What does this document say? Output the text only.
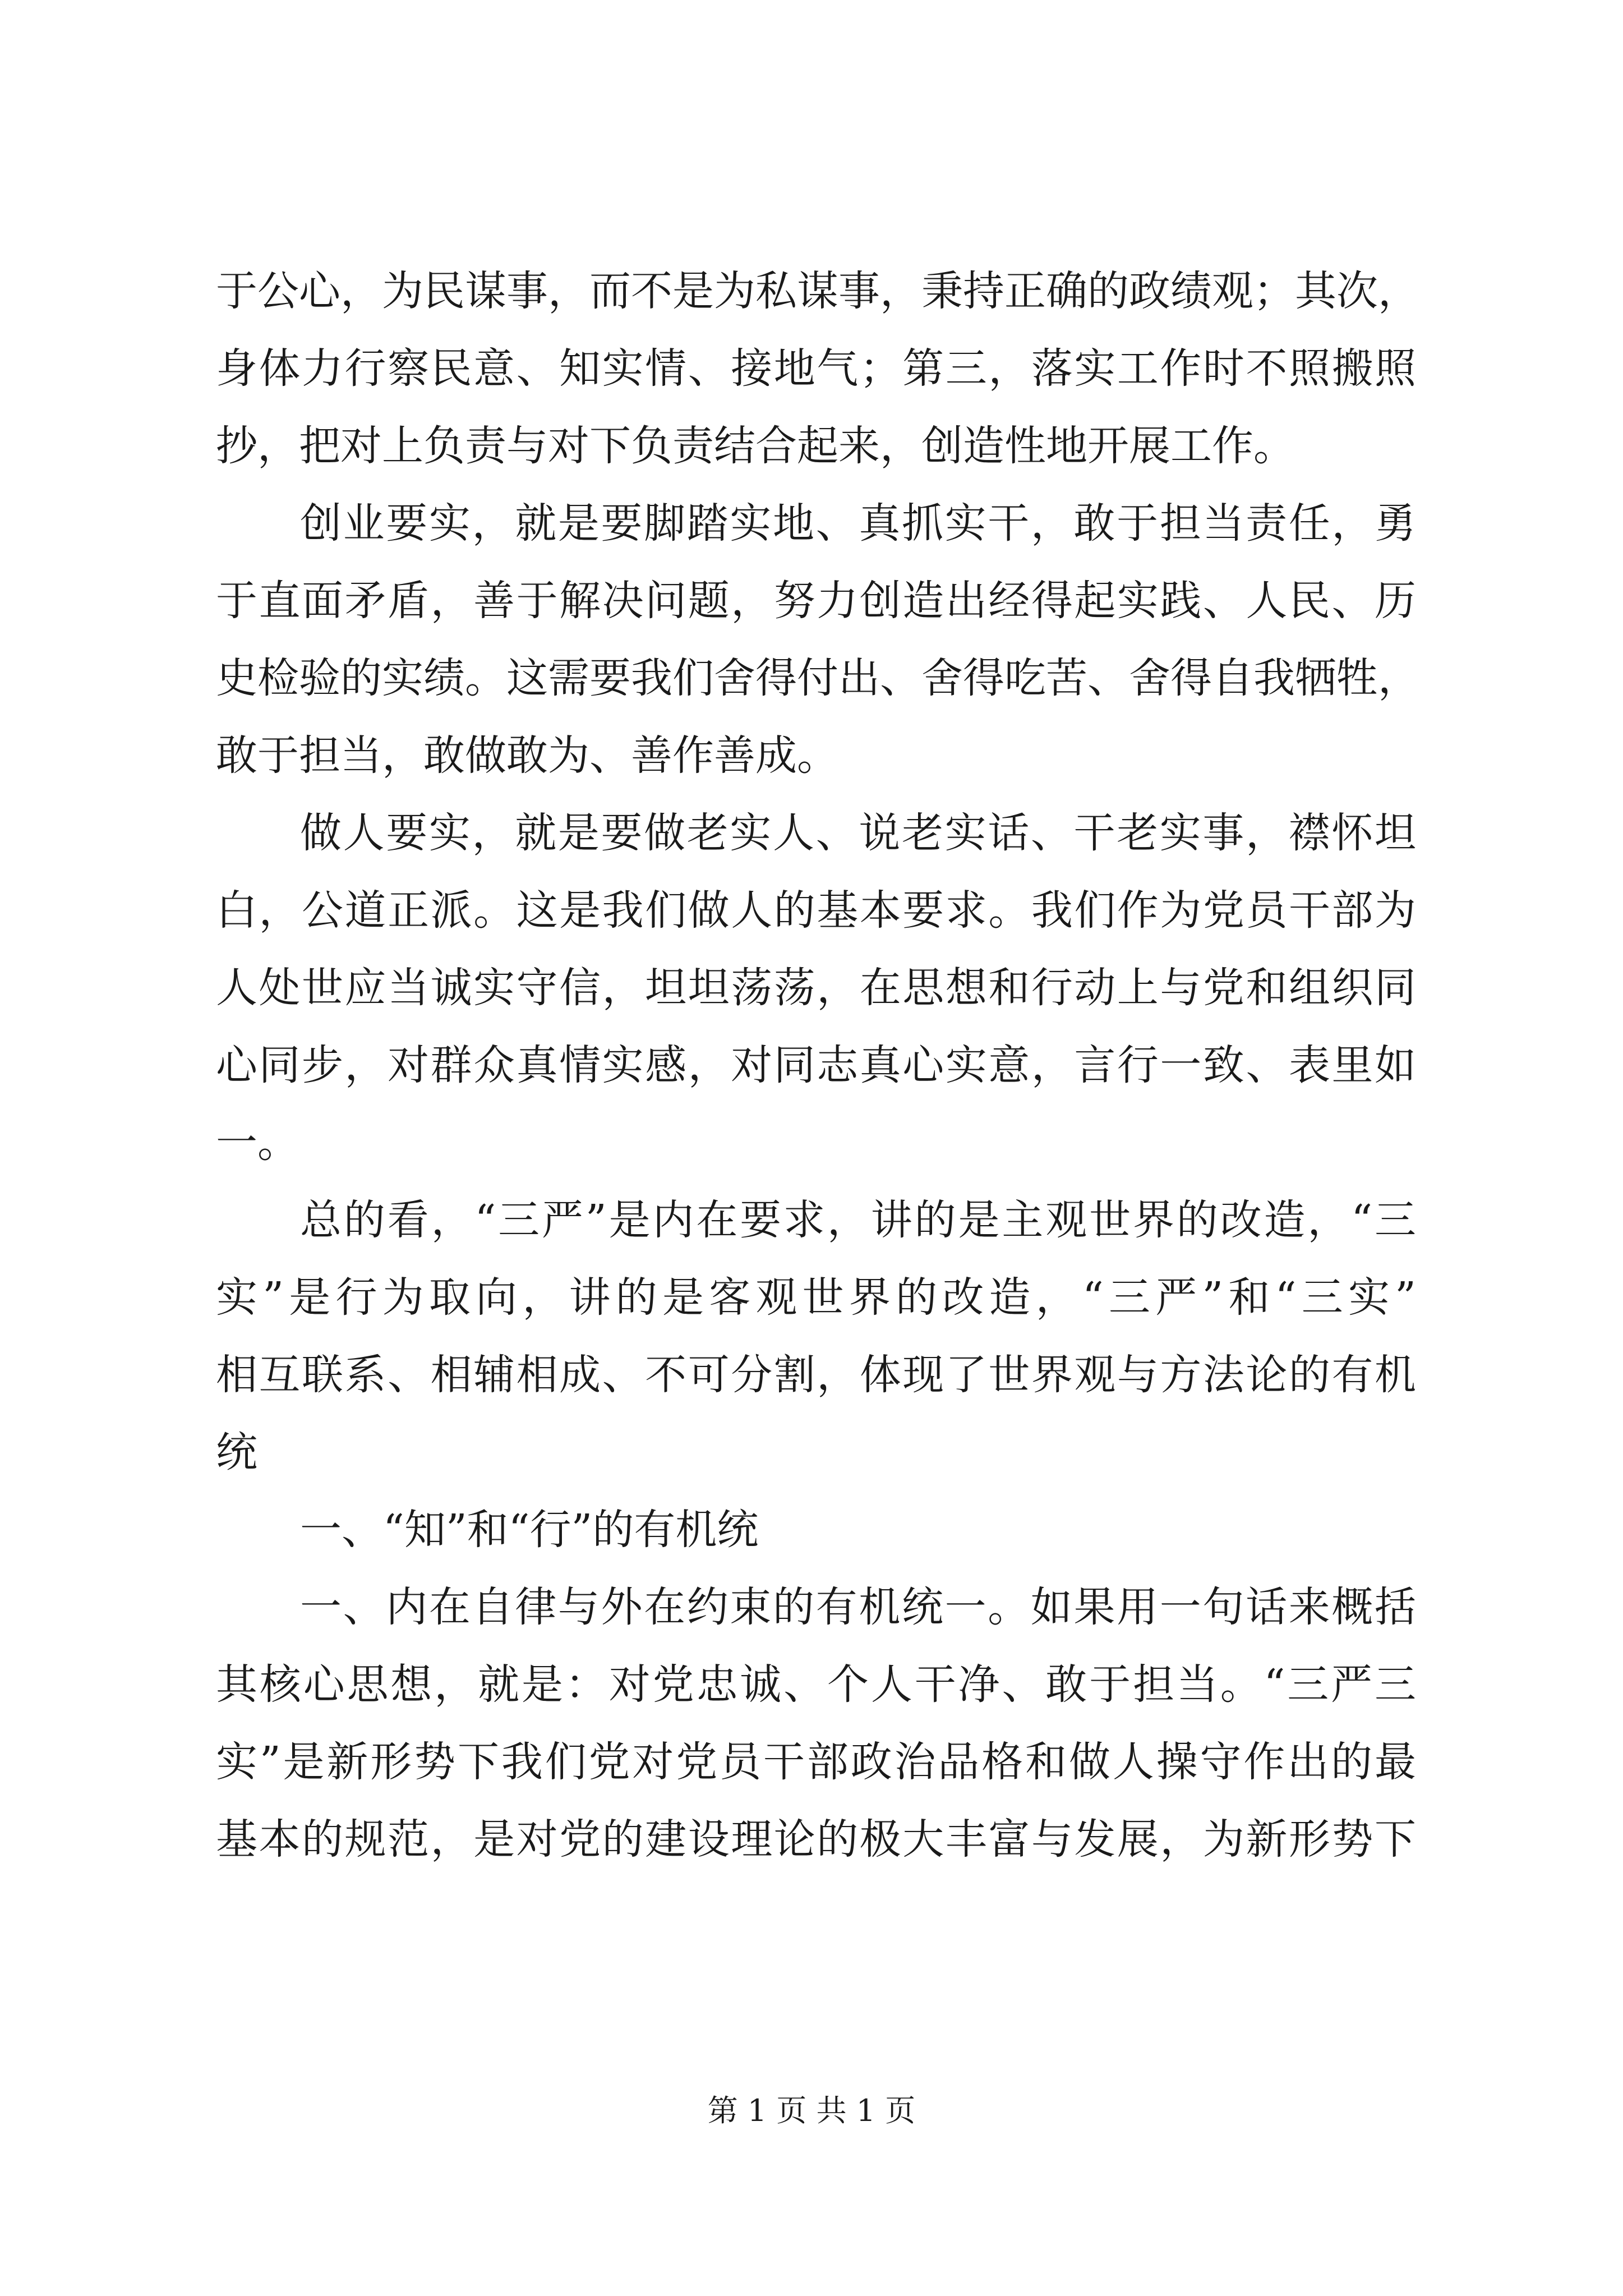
于公心，为民谋事，而不是为私谋事，秉持正确的政绩观；其次，
身体力行察民意、知实情、接地气；第三，落实工作时不照搬照
抄，把对上负责与对下负责结合起来，创造性地开展工作。
创业要实，就是要脚踏实地、真抓实干，敢于担当责任，勇
于直面矛盾，善于解决问题，努力创造出经得起实践、人民、历
史检验的实绩。这需要我们舍得付出、舍得吃苦、舍得自我牺牲，
敢于担当，敢做敢为、善作善成。
做人要实，就是要做老实人、说老实话、干老实事，襟怀坦
白，公道正派。这是我们做人的基本要求。我们作为党员干部为
人处世应当诚实守信，坦坦荡荡，在思想和行动上与党和组织同
心同步，对群众真情实感，对同志真心实意，言行一致、表里如
一。
总的看，“三严”是内在要求，讲的是主观世界的改造，“三
实”是行为取向，讲的是客观世界的改造，“三严”和“三实”
相互联系、相辅相成、不可分割，体现了世界观与方法论的有机
统
一、“知”和“行”的有机统
一、内在自律与外在约束的有机统一。如果用一句话来概括
其核心思想，就是：对党忠诚、个人干净、敢于担当。“三严三
实”是新形势下我们党对党员干部政治品格和做人操守作出的最
基本的规范，是对党的建设理论的极大丰富与发展，为新形势下
第 1 页 共 1 页
